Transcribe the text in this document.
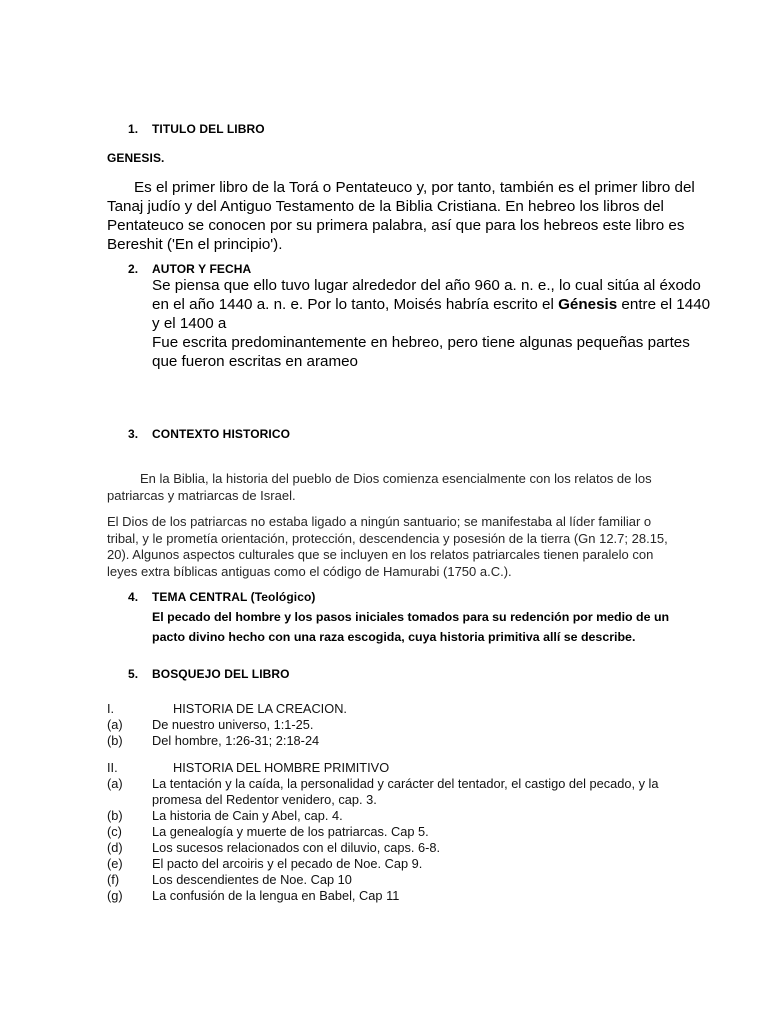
1. TITULO DEL LIBRO
GENESIS.
Es el primer libro de la Torá o Pentateuco y, por tanto, también es el primer libro del
Tanaj judío y del Antiguo Testamento de la Biblia Cristiana. En hebreo los libros del
Pentateuco se conocen por su primera palabra, así que para los hebreos este libro es
Bereshit ('En el principio').
2. AUTOR Y FECHA
Se piensa que ello tuvo lugar alrededor del año 960 a. n. e., lo cual sitúa al éxodo
en el año 1440 a. n. e. Por lo tanto, Moisés habría escrito el Génesis entre el 1440
y el 1400 a
Fue escrita predominantemente en hebreo, pero tiene algunas pequeñas partes
que fueron escritas en arameo
3. CONTEXTO HISTORICO
En la Biblia, la historia del pueblo de Dios comienza esencialmente con los relatos de los
patriarcas y matriarcas de Israel.
El Dios de los patriarcas no estaba ligado a ningún santuario; se manifestaba al líder familiar o
tribal, y le prometía orientación, protección, descendencia y posesión de la tierra (Gn 12.7; 28.15,
20). Algunos aspectos culturales que se incluyen en los relatos patriarcales tienen paralelo con
leyes extra bíblicas antiguas como el código de Hamurabi (1750 a.C.).
4. TEMA CENTRAL (Teológico)
El pecado del hombre y los pasos iniciales tomados para su redención por medio de un
pacto divino hecho con una raza escogida, cuya historia primitiva allí se describe.
5. BOSQUEJO DEL LIBRO
I.	HISTORIA DE LA CREACION.
(a) De nuestro universo, 1:1-25.
(b) Del hombre, 1:26-31; 2:18-24
II.	HISTORIA DEL HOMBRE PRIMITIVO
(a) La tentación y la caída, la personalidad y carácter del tentador, el castigo del pecado, y la
promesa del Redentor venidero, cap. 3.
(b) La historia de Cain y Abel, cap. 4.
(c) La genealogía y muerte de los patriarcas. Cap 5.
(d) Los sucesos relacionados con el diluvio, caps. 6-8.
(e) El pacto del arcoiris y el pecado de Noe. Cap 9.
(f)	Los descendientes de Noe. Cap 10
(g) La confusión de la lengua en Babel, Cap 11
